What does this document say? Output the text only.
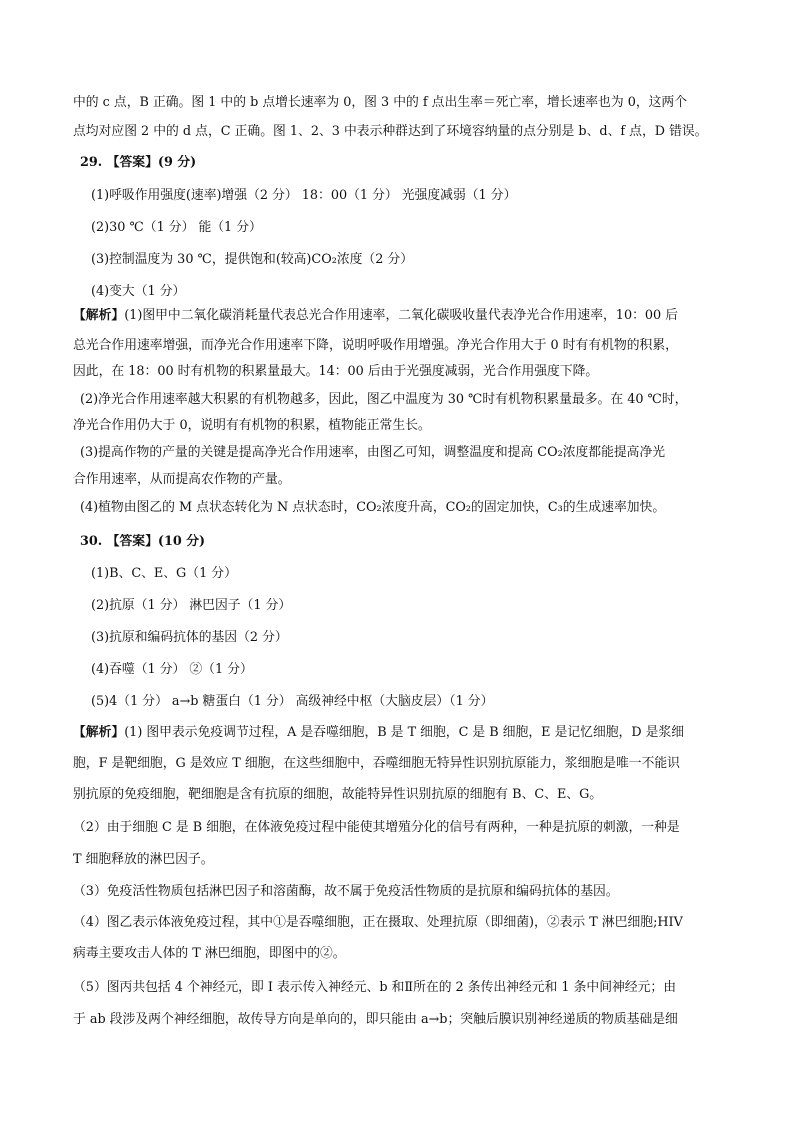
中的 c 点，B 正确。图 1 中的 b 点增长速率为 0，图 3 中的 f 点出生率＝死亡率，增长速率也为 0，这两个
点均对应图 2 中的 d 点，C 正确。图 1、2、3 中表示种群达到了环境容纳量的点分别是 b、d、f 点，D 错误。
29. 【答案】(9 分)
(1)呼吸作用强度(速率)增强（2 分） 18：00（1 分） 光强度减弱（1 分）
(2)30 ℃（1 分） 能（1 分）
(3)控制温度为 30 ℃，提供饱和(较高)CO₂浓度（2 分）
(4)变大（1 分）
【解析】(1)图甲中二氧化碳消耗量代表总光合作用速率，二氧化碳吸收量代表净光合作用速率，10：00 后
总光合作用速率增强，而净光合作用速率下降，说明呼吸作用增强。净光合作用大于 0 时有有机物的积累，
因此，在 18：00 时有机物的积累量最大。14：00 后由于光强度减弱，光合作用强度下降。
(2)净光合作用速率越大积累的有机物越多，因此，图乙中温度为 30 ℃时有机物积累量最多。在 40 ℃时，
净光合作用仍大于 0，说明有有机物的积累，植物能正常生长。
(3)提高作物的产量的关键是提高净光合作用速率，由图乙可知，调整温度和提高 CO₂浓度都能提高净光
合作用速率，从而提高农作物的产量。
(4)植物由图乙的 M 点状态转化为 N 点状态时，CO₂浓度升高，CO₂的固定加快，C₃的生成速率加快。
30. 【答案】(10 分)
(1)B、C、E、G（1 分）
(2)抗原（1 分） 淋巴因子（1 分）
(3)抗原和编码抗体的基因（2 分）
(4)吞噬（1 分） ②（1 分）
(5)4（1 分） a→b 糖蛋白（1 分） 高级神经中枢（大脑皮层）（1 分）
【解析】(1) 图甲表示免疫调节过程，A 是吞噬细胞，B 是 T 细胞，C 是 B 细胞，E 是记忆细胞，D 是浆细
胞，F 是靶细胞，G 是效应 T 细胞，在这些细胞中，吞噬细胞无特异性识别抗原能力，浆细胞是唯一不能识
别抗原的免疫细胞，靶细胞是含有抗原的细胞，故能特异性识别抗原的细胞有 B、C、E、G。
（2）由于细胞 C 是 B 细胞，在体液免疫过程中能使其增殖分化的信号有两种，一种是抗原的刺激，一种是
T 细胞释放的淋巴因子。
（3）免疫活性物质包括淋巴因子和溶菌酶，故不属于免疫活性物质的是抗原和编码抗体的基因。
（4）图乙表示体液免疫过程，其中①是吞噬细胞，正在摄取、处理抗原（即细菌)，②表示 T 淋巴细胞;HIV
病毒主要攻击人体的 T 淋巴细胞，即图中的②。
（5）图丙共包括 4 个神经元，即 I 表示传入神经元、b 和Ⅱ所在的 2 条传出神经元和 1 条中间神经元；由
于 ab 段涉及两个神经细胞，故传导方向是单向的，即只能由 a→b；突触后膜识别神经递质的物质基础是细
